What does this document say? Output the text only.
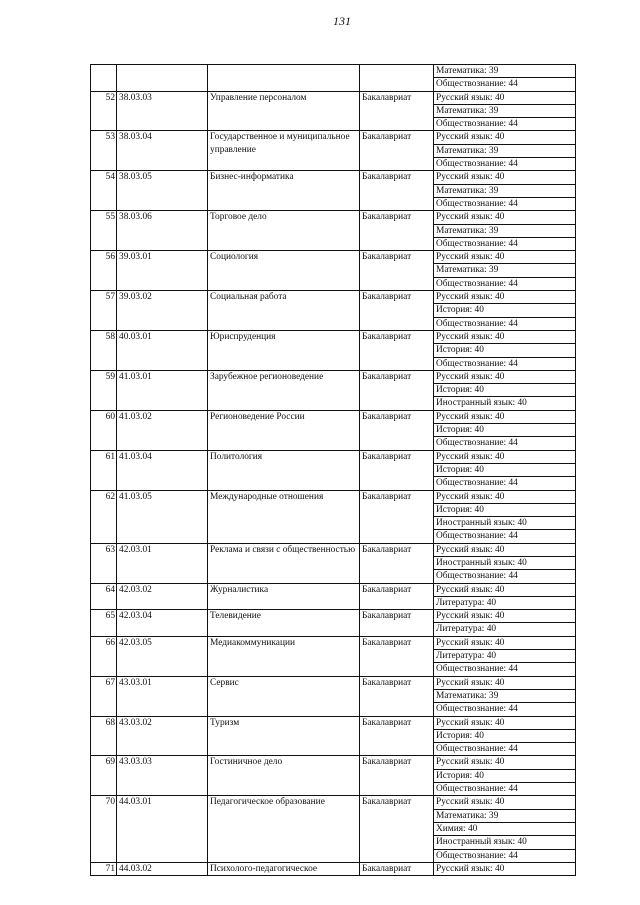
131
				Математика: 39
				Обществознание: 44
52	38.03.03	Управление персоналом	Бакалавриат	Русский язык: 40
				Математика: 39
				Обществознание: 44
53	38.03.04	Государственное и муниципальное управление	Бакалавриат	Русский язык: 40
				Математика: 39
				Обществознание: 44
54	38.03.05	Бизнес-информатика	Бакалавриат	Русский язык: 40
				Математика: 39
				Обществознание: 44
55	38.03.06	Торговое дело	Бакалавриат	Русский язык: 40
				Математика: 39
				Обществознание: 44
56	39.03.01	Социология	Бакалавриат	Русский язык: 40
				Математика: 39
				Обществознание: 44
57	39.03.02	Социальная работа	Бакалавриат	Русский язык: 40
				История: 40
				Обществознание: 44
58	40.03.01	Юриспруденция	Бакалавриат	Русский язык: 40
				История: 40
				Обществознание: 44
59	41.03.01	Зарубежное регионоведение	Бакалавриат	Русский язык: 40
				История: 40
				Иностранный язык: 40
60	41.03.02	Регионоведение России	Бакалавриат	Русский язык: 40
				История: 40
				Обществознание: 44
61	41.03.04	Политология	Бакалавриат	Русский язык: 40
				История: 40
				Обществознание: 44
62	41.03.05	Международные отношения	Бакалавриат	Русский язык: 40
				История: 40
				Иностранный язык: 40
				Обществознание: 44
63	42.03.01	Реклама и связи с общественностью	Бакалавриат	Русский язык: 40
				Иностранный язык: 40
				Обществознание: 44
64	42.03.02	Журналистика	Бакалавриат	Русский язык: 40
				Литература: 40
65	42.03.04	Телевидение	Бакалавриат	Русский язык: 40
				Литература: 40
66	42.03.05	Медиакоммуникации	Бакалавриат	Русский язык: 40
				Литература: 40
				Обществознание: 44
67	43.03.01	Сервис	Бакалавриат	Русский язык: 40
				Математика: 39
				Обществознание: 44
68	43.03.02	Туризм	Бакалавриат	Русский язык: 40
				История: 40
				Обществознание: 44
69	43.03.03	Гостиничное дело	Бакалавриат	Русский язык: 40
				История: 40
				Обществознание: 44
70	44.03.01	Педагогическое образование	Бакалавриат	Русский язык: 40
				Математика: 39
				Химия: 40
				Иностранный язык: 40
				Обществознание: 44
71	44.03.02	Психолого-педагогическое	Бакалавриат	Русский язык: 40
